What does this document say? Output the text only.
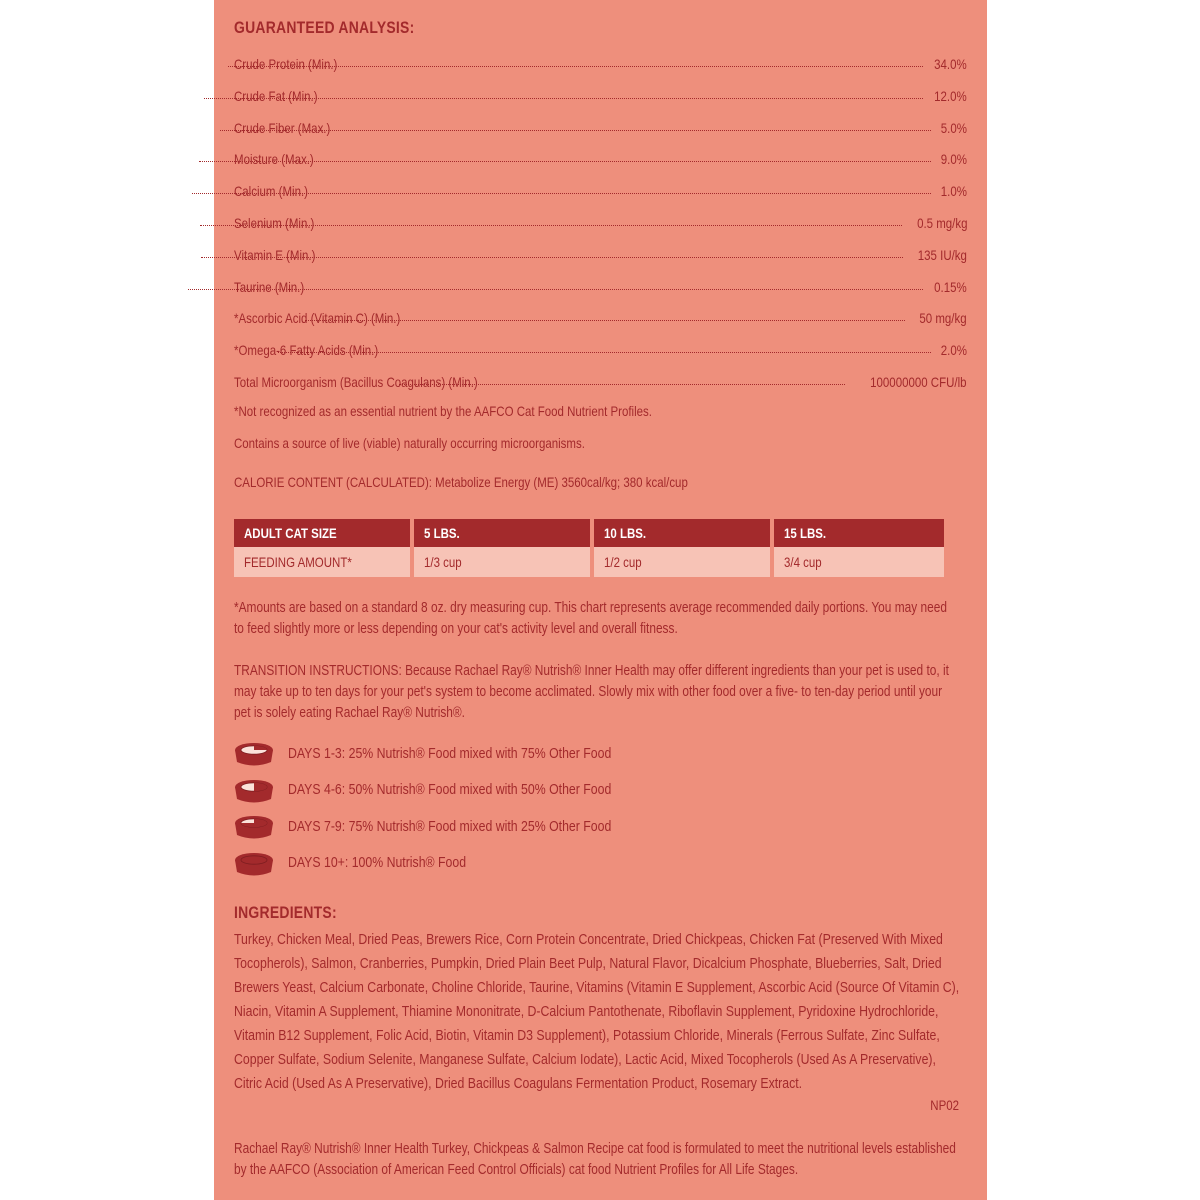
GUARANTEED ANALYSIS:
Crude Protein (Min.)	34.0%
Crude Fat (Min.)	12.0%
Crude Fiber (Max.)	5.0%
Moisture (Max.)	9.0%
Calcium (Min.)	1.0%
Selenium (Min.)	0.5 mg/kg
Vitamin E (Min.)	135 IU/kg
Taurine (Min.)	0.15%
*Ascorbic Acid (Vitamin C) (Min.)	50 mg/kg
*Omega-6 Fatty Acids (Min.)	2.0%
Total Microorganism (Bacillus Coagulans) (Min.)	100000000 CFU/lb
*Not recognized as an essential nutrient by the AAFCO Cat Food Nutrient Profiles.
Contains a source of live (viable) naturally occurring microorganisms.
CALORIE CONTENT (CALCULATED): Metabolize Energy (ME) 3560cal/kg; 380 kcal/cup
ADULT CAT SIZE	5 LBS.	10 LBS.	15 LBS.
FEEDING AMOUNT*	1/3 cup	1/2 cup	3/4 cup
*Amounts are based on a standard 8 oz. dry measuring cup. This chart represents average recommended daily portions. You may need to feed slightly more or less depending on your cat's activity level and overall fitness.
TRANSITION INSTRUCTIONS: Because Rachael Ray® Nutrish® Inner Health may offer different ingredients than your pet is used to, it may take up to ten days for your pet's system to become acclimated. Slowly mix with other food over a five- to ten-day period until your pet is solely eating Rachael Ray® Nutrish®.
DAYS 1-3: 25% Nutrish® Food mixed with 75% Other Food
DAYS 4-6: 50% Nutrish® Food mixed with 50% Other Food
DAYS 7-9: 75% Nutrish® Food mixed with 25% Other Food
DAYS 10+: 100% Nutrish® Food
INGREDIENTS:
Turkey, Chicken Meal, Dried Peas, Brewers Rice, Corn Protein Concentrate, Dried Chickpeas, Chicken Fat (Preserved With Mixed Tocopherols), Salmon, Cranberries, Pumpkin, Dried Plain Beet Pulp, Natural Flavor, Dicalcium Phosphate, Blueberries, Salt, Dried Brewers Yeast, Calcium Carbonate, Choline Chloride, Taurine, Vitamins (Vitamin E Supplement, Ascorbic Acid (Source Of Vitamin C), Niacin, Vitamin A Supplement, Thiamine Mononitrate, D-Calcium Pantothenate, Riboflavin Supplement, Pyridoxine Hydrochloride, Vitamin B12 Supplement, Folic Acid, Biotin, Vitamin D3 Supplement), Potassium Chloride, Minerals (Ferrous Sulfate, Zinc Sulfate, Copper Sulfate, Sodium Selenite, Manganese Sulfate, Calcium Iodate), Lactic Acid, Mixed Tocopherols (Used As A Preservative), Citric Acid (Used As A Preservative), Dried Bacillus Coagulans Fermentation Product, Rosemary Extract.
NP02
Rachael Ray® Nutrish® Inner Health Turkey, Chickpeas & Salmon Recipe cat food is formulated to meet the nutritional levels established by the AAFCO (Association of American Feed Control Officials) cat food Nutrient Profiles for All Life Stages.
